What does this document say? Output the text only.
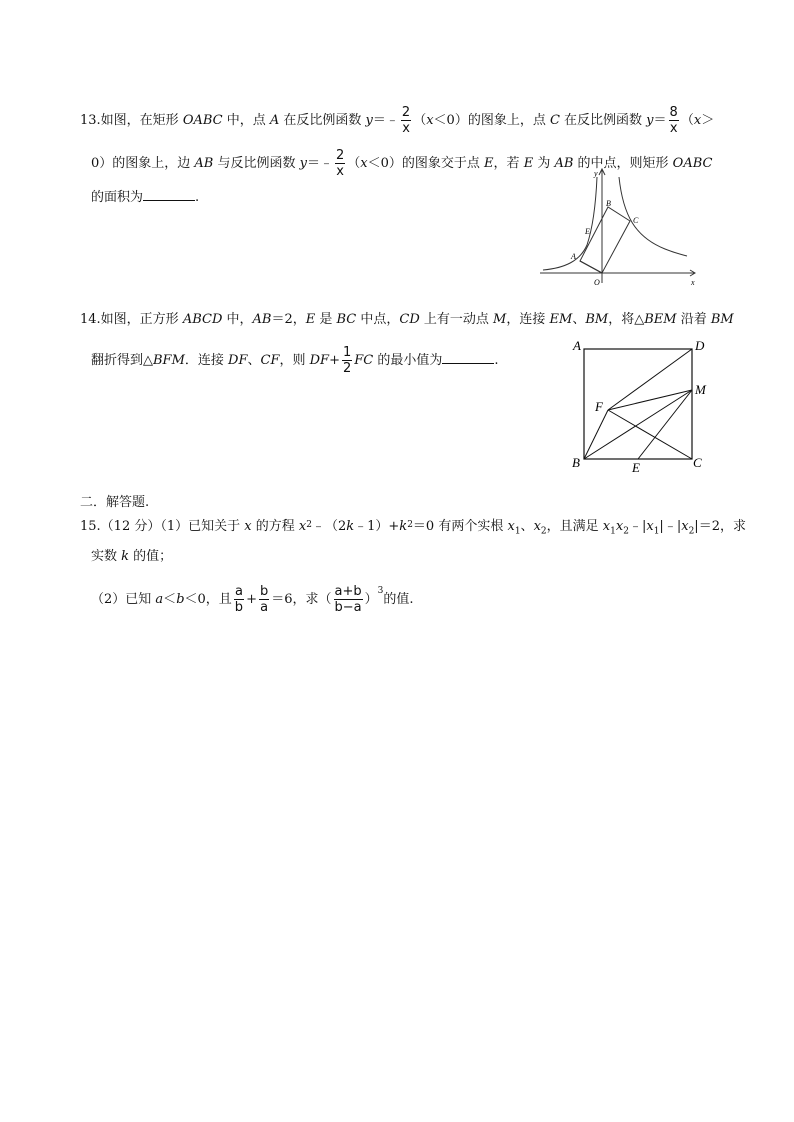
13.如图，在矩形 OABC 中，点 A 在反比例函数 y＝﹣ $\frac{2}{x} (x<0)$的图象上，点 C 在反比例函数 $y= \frac{8}{x} (x>$
0）的图象上，边 AB 与反比例函数 y＝﹣ $\frac{2}{x} (x<0)$的图象交于点 E，若 E 为 AB 的中点，则矩形 OABC
的面积为	.
y
x
O
A
B
C
E
14.如图，正方形 ABCD 中，AB＝2，E 是 BC 中点，CD 上有一动点 M，连接 EM、BM，将△BEM 沿着 BM
翻折得到△BFM．连接 DF、CF，则 $DF+ \frac{1}{2}$ FC 的最小值为	.
A	D
M
F
B	E	C
二．解答题.
15.（12 分）（1）已知关于 x 的方程 $x^2﹣(2k﹣1)+k^2=0$ 有两个实根 $x_1$、$x_2$，且满足 $x_1x_2﹣|x_1|﹣|x_2|=2$，求
实数 k 的值；
（2）已知 a＜b＜0，且 $\frac{a}{b} + \frac{b}{a} =6$，求（ $\frac{a+b}{b-a} )^3$的值.
